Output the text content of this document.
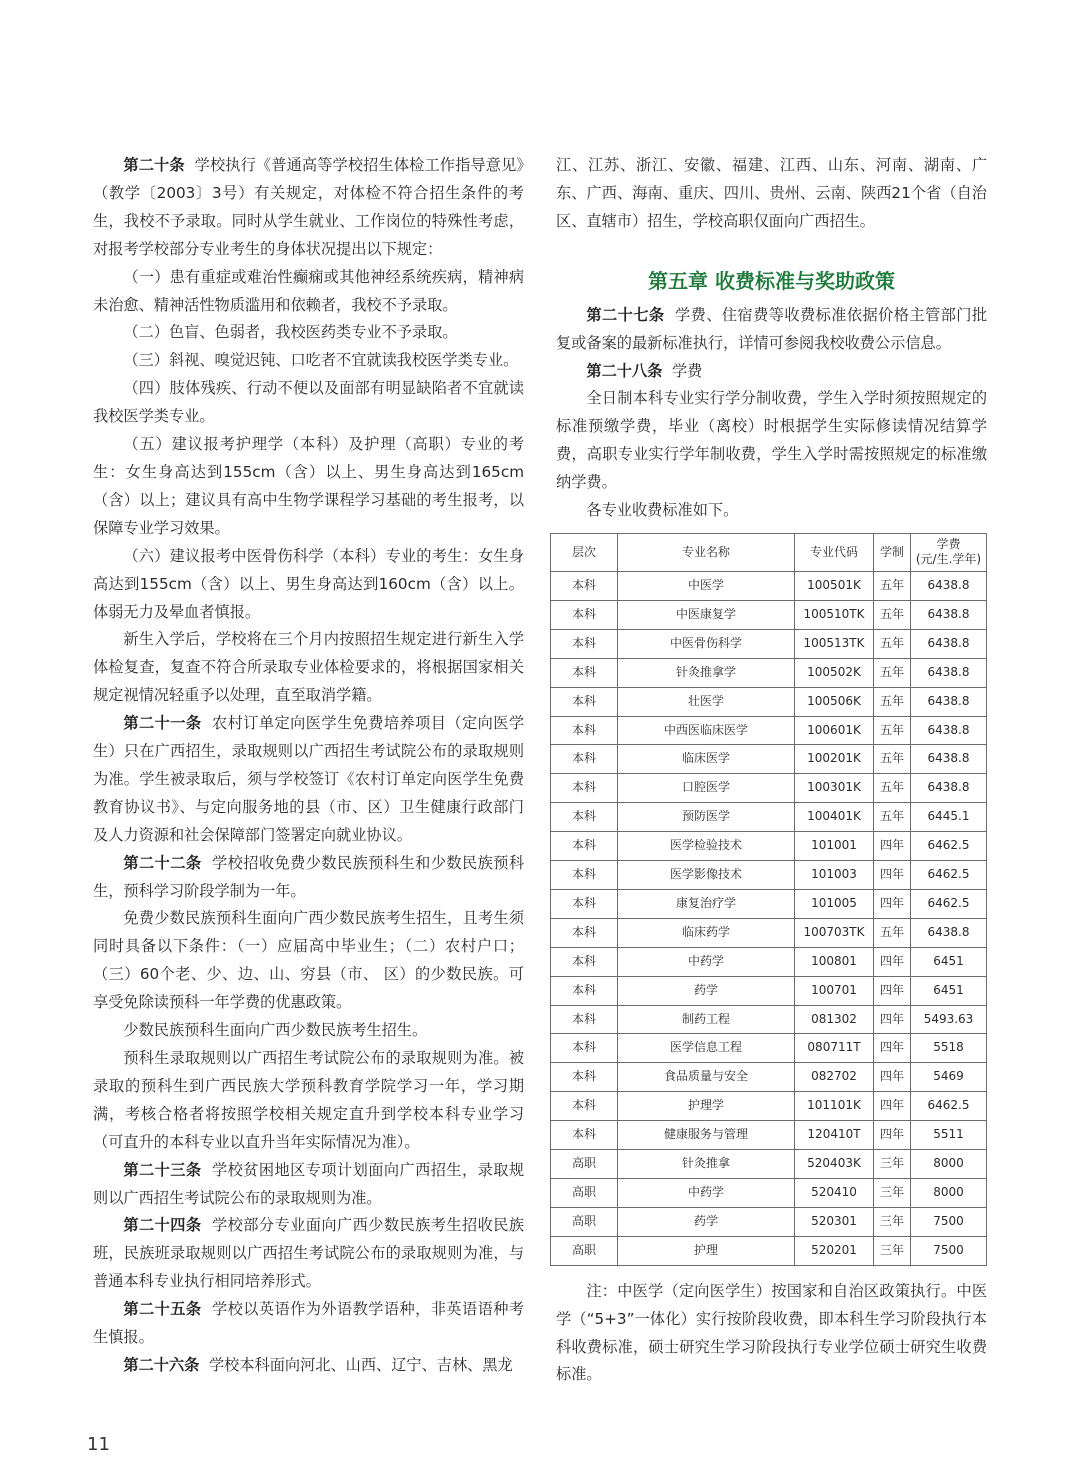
第二十条 学校执行《普通高等学校招生体检工作指导意见》（教学〔2003〕3号）有关规定，对体检不符合招生条件的考生，我校不予录取。同时从学生就业、工作岗位的特殊性考虑，对报考学校部分专业考生的身体状况提出以下规定：

（一）患有重症或难治性癫痫或其他神经系统疾病，精神病未治愈、精神活性物质滥用和依赖者，我校不予录取。

（二）色盲、色弱者，我校医药类专业不予录取。

（三）斜视、嗅觉迟钝、口吃者不宜就读我校医学类专业。

（四）肢体残疾、行动不便以及面部有明显缺陷者不宜就读我校医学类专业。

（五）建议报考护理学（本科）及护理（高职）专业的考生：女生身高达到155cm（含）以上、男生身高达到165cm（含）以上；建议具有高中生物学课程学习基础的考生报考，以保障专业学习效果。

（六）建议报考中医骨伤科学（本科）专业的考生：女生身高达到155cm（含）以上、男生身高达到160cm（含）以上。体弱无力及晕血者慎报。

新生入学后，学校将在三个月内按照招生规定进行新生入学体检复查，复查不符合所录取专业体检要求的，将根据国家相关规定视情况轻重予以处理，直至取消学籍。

第二十一条 农村订单定向医学生免费培养项目（定向医学生）只在广西招生，录取规则以广西招生考试院公布的录取规则为准。学生被录取后，须与学校签订《农村订单定向医学生免费教育协议书》、与定向服务地的县（市、区）卫生健康行政部门及人力资源和社会保障部门签署定向就业协议。

第二十二条 学校招收免费少数民族预科生和少数民族预科生，预科学习阶段学制为一年。

免费少数民族预科生面向广西少数民族考生招生，且考生须同时具备以下条件：（一）应届高中毕业生；（二）农村户口；（三）60个老、少、边、山、穷县（市、 区）的少数民族。可享受免除读预科一年学费的优惠政策。

少数民族预科生面向广西少数民族考生招生。

预科生录取规则以广西招生考试院公布的录取规则为准。被录取的预科生到广西民族大学预科教育学院学习一年，学习期满，考核合格者将按照学校相关规定直升到学校本科专业学习（可直升的本科专业以直升当年实际情况为准）。

第二十三条 学校贫困地区专项计划面向广西招生，录取规则以广西招生考试院公布的录取规则为准。

第二十四条 学校部分专业面向广西少数民族考生招收民族班，民族班录取规则以广西招生考试院公布的录取规则为准，与普通本科专业执行相同培养形式。

第二十五条 学校以英语作为外语教学语种，非英语语种考生慎报。

第二十六条 学校本科面向河北、山西、辽宁、吉林、黑龙

江、江苏、浙江、安徽、福建、江西、山东、河南、湖南、广东、广西、海南、重庆、四川、贵州、云南、陕西21个省（自治区、直辖市）招生，学校高职仅面向广西招生。

第五章 收费标准与奖助政策

第二十七条 学费、住宿费等收费标准依据价格主管部门批复或备案的最新标准执行，详情可参阅我校收费公示信息。

第二十八条 学费

全日制本科专业实行学分制收费，学生入学时须按照规定的标准预缴学费，毕业（离校）时根据学生实际修读情况结算学费，高职专业实行学年制收费，学生入学时需按照规定的标准缴纳学费。

各专业收费标准如下。

层次	专业名称	专业代码	学制	学费
(元/生.学年)
本科	中医学	100501K	五年	6438.8
本科	中医康复学	100510TK	五年	6438.8
本科	中医骨伤科学	100513TK	五年	6438.8
本科	针灸推拿学	100502K	五年	6438.8
本科	壮医学	100506K	五年	6438.8
本科	中西医临床医学	100601K	五年	6438.8
本科	临床医学	100201K	五年	6438.8
本科	口腔医学	100301K	五年	6438.8
本科	预防医学	100401K	五年	6445.1
本科	医学检验技术	101001	四年	6462.5
本科	医学影像技术	101003	四年	6462.5
本科	康复治疗学	101005	四年	6462.5
本科	临床药学	100703TK	五年	6438.8
本科	中药学	100801	四年	6451
本科	药学	100701	四年	6451
本科	制药工程	081302	四年	5493.63
本科	医学信息工程	080711T	四年	5518
本科	食品质量与安全	082702	四年	5469
本科	护理学	101101K	四年	6462.5
本科	健康服务与管理	120410T	四年	5511
高职	针灸推拿	520403K	三年	8000
高职	中药学	520410	三年	8000
高职	药学	520301	三年	7500
高职	护理	520201	三年	7500

注：中医学（定向医学生）按国家和自治区政策执行。中医学（“5+3”一体化）实行按阶段收费，即本科生学习阶段执行本科收费标准，硕士研究生学习阶段执行专业学位硕士研究生收费标准。

11
